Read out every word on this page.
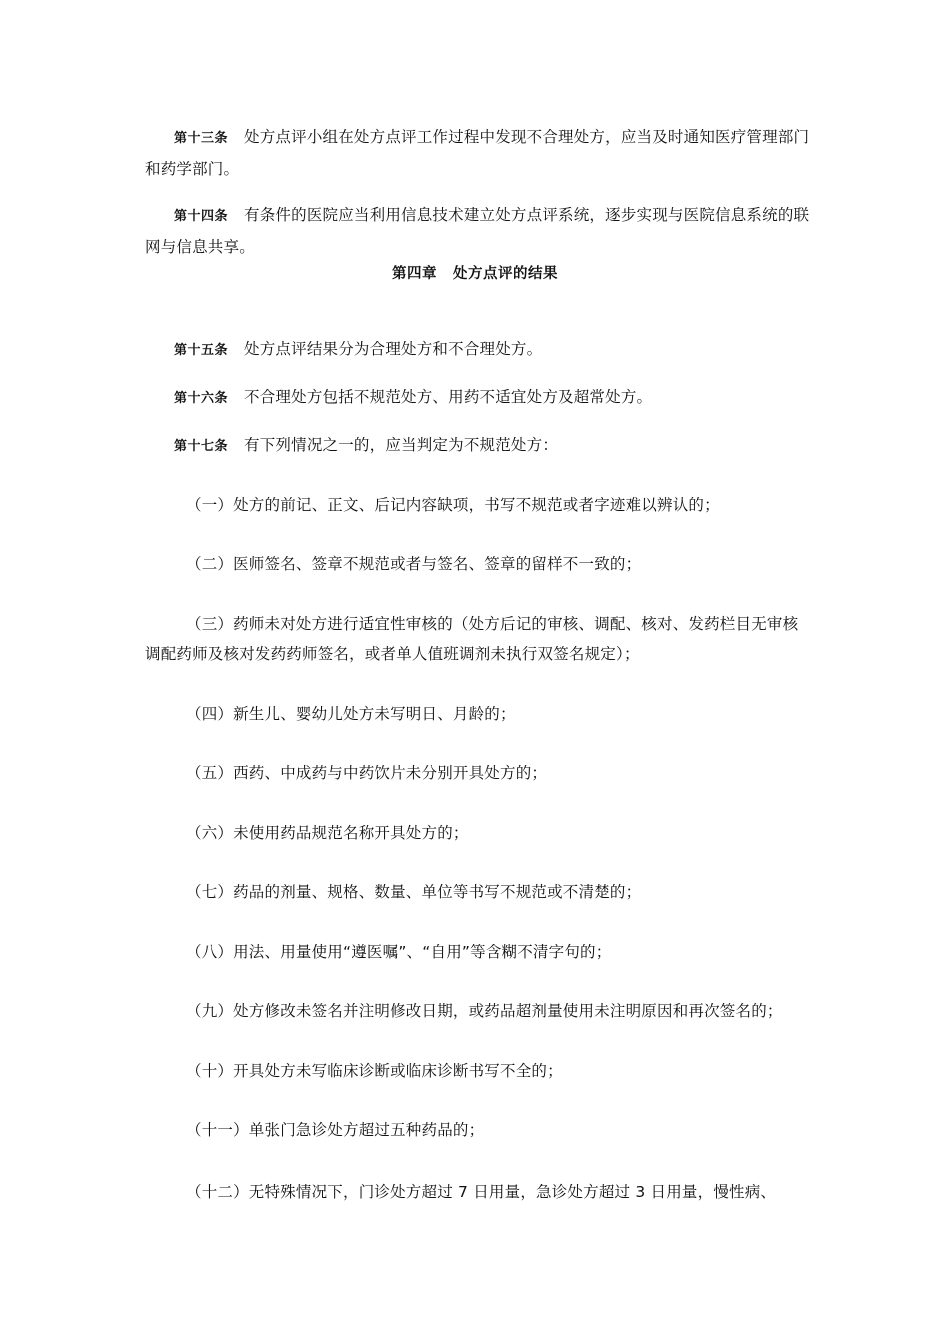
第十三条 处方点评小组在处方点评工作过程中发现不合理处方，应当及时通知医疗管理部门和药学部门。
第十四条 有条件的医院应当利用信息技术建立处方点评系统，逐步实现与医院信息系统的联网与信息共享。
第四章 处方点评的结果
第十五条 处方点评结果分为合理处方和不合理处方。
第十六条 不合理处方包括不规范处方、用药不适宜处方及超常处方。
第十七条 有下列情况之一的，应当判定为不规范处方：
（一）处方的前记、正文、后记内容缺项，书写不规范或者字迹难以辨认的；
（二）医师签名、签章不规范或者与签名、签章的留样不一致的；
（三）药师未对处方进行适宜性审核的（处方后记的审核、调配、核对、发药栏目无审核调配药师及核对发药药师签名，或者单人值班调剂未执行双签名规定）；
（四）新生儿、婴幼儿处方未写明日、月龄的；
（五）西药、中成药与中药饮片未分别开具处方的；
（六）未使用药品规范名称开具处方的；
（七）药品的剂量、规格、数量、单位等书写不规范或不清楚的；
（八）用法、用量使用“遵医嘱”、“自用”等含糊不清字句的；
（九）处方修改未签名并注明修改日期，或药品超剂量使用未注明原因和再次签名的；
（十）开具处方未写临床诊断或临床诊断书写不全的；
（十一）单张门急诊处方超过五种药品的；
（十二）无特殊情况下，门诊处方超过 7 日用量，急诊处方超过 3 日用量，慢性病、
